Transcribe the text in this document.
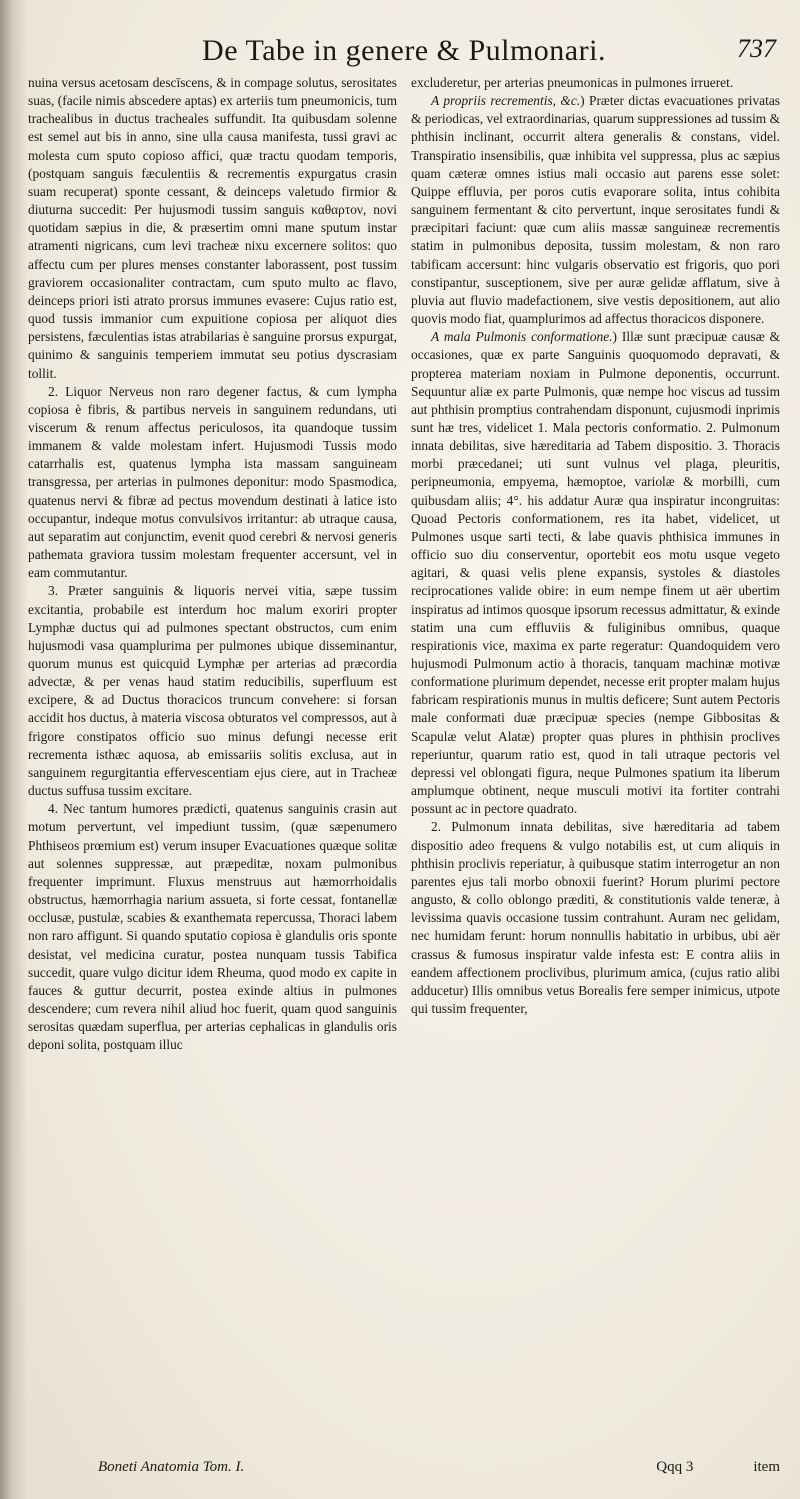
De Tabe in genere & Pulmonari.	737

nuina versus acetosam descīscens, & in compage solutus, serositates suas, (facile nimis abscedere aptas) ex arteriis tum pneumonicis, tum trachealibus in ductus tracheales suffundit. Ita quibusdam solenne est semel aut bis in anno, sine ulla causa manifesta, tussi gravi ac molesta cum sputo copioso affici, quæ tractu quodam temporis, (postquam sanguis fæculentiis & recrementis expurgatus crasin suam recuperat) sponte cessant, & deinceps valetudo firmior & diuturna succedit: Per hujusmodi tussim sanguis καθαρτον, novi quotidam sæpius in die, & præsertim omni mane sputum instar atramenti nigricans, cum levi tracheæ nixu excernere solitos: quo affectu cum per plures menses constanter laborassent, post tussim graviorem occasionaliter contractam, cum sputo multo ac flavo, deinceps priori isti atrato prorsus immunes evasere: Cujus ratio est, quod tussis immanior cum expuitione copiosa per aliquot dies persistens, fæculentias istas atrabilarias è sanguine prorsus expurgat, quinimo & sanguinis temperiem immutat seu potius dyscrasiam tollit.

2. Liquor Nerveus non raro degener factus, & cum lympha copiosa è fibris, & partibus nerveis in sanguinem redundans, uti viscerum & renum affectus periculosos, ita quandoque tussim immanem & valde molestam infert. Hujusmodi Tussis modo catarrhalis est, quatenus lympha ista massam sanguineam transgressa, per arterias in pulmones deponitur: modo Spasmodica, quatenus nervi & fibræ ad pectus movendum destinati à latice isto occupantur, indeque motus convulsivos irritantur: ab utraque causa, aut separatim aut conjunctim, evenit quod cerebri & nervosi generis pathemata graviora tussim molestam frequenter accersunt, vel in eam commutantur.

3. Præter sanguinis & liquoris nervei vitia, sæpe tussim excitantia, probabile est interdum hoc malum exoriri propter Lymphæ ductus qui ad pulmones spectant obstructos, cum enim hujusmodi vasa quamplurima per pulmones ubique disseminantur, quorum munus est quicquid Lymphæ per arterias ad præcordia advectæ, & per venas haud statim reducibilis, superfluum est excipere, & ad Ductus thoracicos truncum convehere: si forsan accidit hos ductus, à materia viscosa obturatos vel compressos, aut à frigore constipatos officio suo minus defungi necesse erit recrementa isthæc aquosa, ab emissariis solitis exclusa, aut in sanguinem regurgitantia effervescentiam ejus ciere, aut in Tracheæ ductus suffusa tussim excitare.

4. Nec tantum humores prædicti, quatenus sanguinis crasin aut motum pervertunt, vel impediunt tussim, (quæ sæpenumero Phthiseos prœmium est) verum insuper Evacuationes quæque solitæ aut solennes suppressæ, aut præpeditæ, noxam pulmonibus frequenter imprimunt. Fluxus menstruus aut hæmorrhoidalis obstructus, hæmorrhagia narium assueta, si forte cessat, fontanellæ occlusæ, pustulæ, scabies & exanthemata repercussa, Thoraci labem non raro affigunt. Si quando sputatio copiosa è glandulis oris sponte desistat, vel medicina curatur, postea nunquam tussis Tabifica succedit, quare vulgo dicitur idem Rheuma, quod modo ex capite in fauces & guttur decurrit, postea exinde altius in pulmones descendere; cum revera nihil aliud hoc fuerit, quam quod sanguinis serositas quædam superflua, per arterias cephalicas in glandulis oris deponi solita, postquam illuc

excluderetur, per arterias pneumonicas in pulmones irrueret.

A propriis recrementis, &c.) Præter dictas evacuationes privatas & periodicas, vel extraordinarias, quarum suppressiones ad tussim & phthisin inclinant, occurrit altera generalis & constans, videl. Transpiratio insensibilis, quæ inhibita vel suppressa, plus ac sæpius quam cæteræ omnes istius mali occasio aut parens esse solet: Quippe effluvia, per poros cutis evaporare solita, intus cohibita sanguinem fermentant & cito pervertunt, inque serositates fundi & præcipitari faciunt: quæ cum aliis massæ sanguineæ recrementis statim in pulmonibus deposita, tussim molestam, & non raro tabificam accersunt: hinc vulgaris observatio est frigoris, quo pori constipantur, susceptionem, sive per auræ gelidæ afflatum, sive à pluvia aut fluvio madefactionem, sive vestis depositionem, aut alio quovis modo fiat, quamplurimos ad affectus thoracicos disponere.

A mala Pulmonis conformatione.) Illæ sunt præcipuæ causæ & occasiones, quæ ex parte Sanguinis quoquomodo depravati, & propterea materiam noxiam in Pulmone deponentis, occurrunt. Sequuntur aliæ ex parte Pulmonis, quæ nempe hoc viscus ad tussim aut phthisin promptius contrahendam disponunt, cujusmodi inprimis sunt hæ tres, videlicet 1. Mala pectoris conformatio. 2. Pulmonum innata debilitas, sive hæreditaria ad Tabem dispositio. 3. Thoracis morbi præcedanei; uti sunt vulnus vel plaga, pleuritis, peripneumonia, empyema, hæmoptoe, variolæ & morbilli, cum quibusdam aliis; 4°. his addatur Auræ qua inspiratur incongruitas: Quoad Pectoris conformationem, res ita habet, videlicet, ut Pulmones usque sarti tecti, & labe quavis phthisica immunes in officio suo diu conserventur, oportebit eos motu usque vegeto agitari, & quasi velis plene expansis, systoles & diastoles reciprocationes valide obire: in eum nempe finem ut aër ubertim inspiratus ad intimos quosque ipsorum recessus admittatur, & exinde statim una cum effluviis & fuliginibus omnibus, quaque respirationis vice, maxima ex parte regeratur: Quandoquidem vero hujusmodi Pulmonum actio à thoracis, tanquam machinæ motivæ conformatione plurimum dependet, necesse erit propter malam hujus fabricam respirationis munus in multis deficere; Sunt autem Pectoris male conformati duæ præcipuæ species (nempe Gibbositas & Scapulæ velut Alatæ) propter quas plures in phthisin proclives reperiuntur, quarum ratio est, quod in tali utraque pectoris vel depressi vel oblongati figura, neque Pulmones spatium ita liberum amplumque obtinent, neque musculi motivi ita fortiter contrahi possunt ac in pectore quadrato.

2. Pulmonum innata debilitas, sive hæreditaria ad tabem dispositio adeo frequens & vulgo notabilis est, ut cum aliquis in phthisin proclivis reperiatur, à quibusque statim interrogetur an non parentes ejus tali morbo obnoxii fuerint? Horum plurimi pectore angusto, & collo oblongo præditi, & constitutionis valde teneræ, à levissima quavis occasione tussim contrahunt. Auram nec gelidam, nec humidam ferunt: horum nonnullis habitatio in urbibus, ubi aër crassus & fumosus inspiratur valde infesta est: E contra aliis in eandem affectionem proclivibus, plurimum amica, (cujus ratio alibi adducetur) Illis omnibus vetus Borealis fere semper inimicus, utpote qui tussim frequenter,

Boneti Anatomia Tom. I.	Qqq 3	item
